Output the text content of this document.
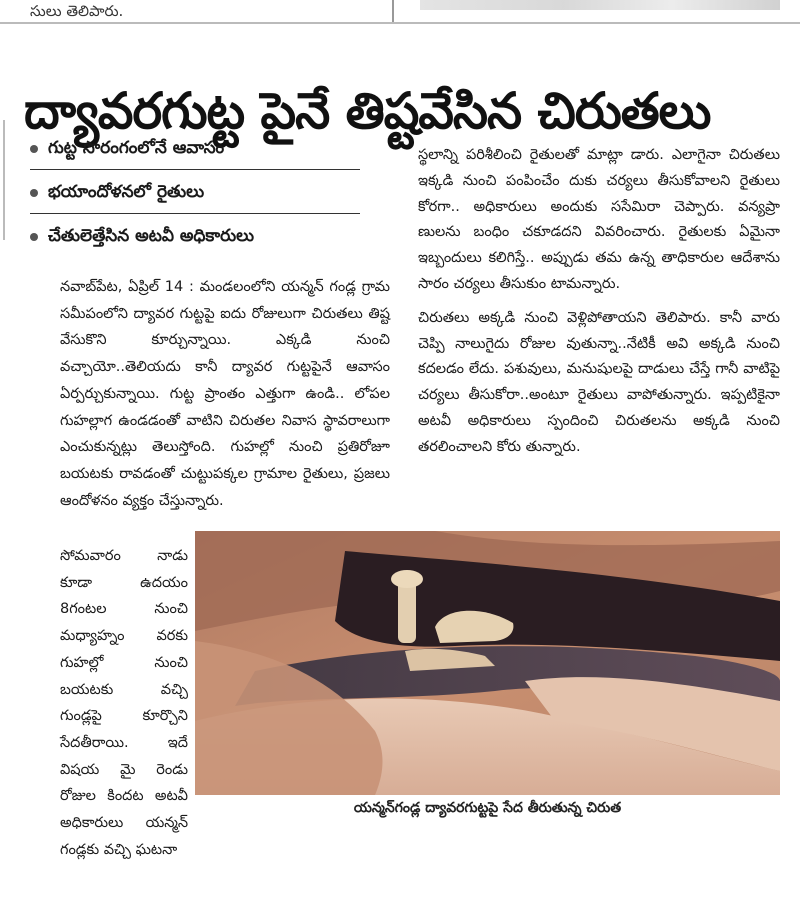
సులు తెలిపారు.
ద్యావరగుట్ట పైనే తిష్టవేసిన చిరుతలు
గుట్ట సొరంగంలోనే ఆవాసం
భయాందోళనలో రైతులు
చేతులెత్తేసిన అటవీ అధికారులు

నవాబ్‌పేట, ఏప్రిల్ 14 : మండలంలోని యన్మన్ గండ్ల గ్రామ సమీపంలోని ద్యావర గుట్టపై ఐదు రోజులుగా చిరుతలు తిష్ట వేసుకొని కూర్చున్నాయి. ఎక్కడి నుంచి వచ్చాయో..తెలియదు కానీ ద్యావర గుట్టపైనే ఆవాసం ఏర్పర్చుకున్నాయి. గుట్ట ప్రాంతం ఎత్తుగా ఉండి.. లోపల గుహల్లాగ ఉండడంతో వాటిని చిరుతల నివాస స్థావరాలుగా ఎంచుకున్నట్లు తెలుస్తోంది. గుహల్లో నుంచి ప్రతిరోజూ బయటకు రావడంతో చుట్టుపక్కల గ్రామాల రైతులు, ప్రజలు ఆందోళనం వ్యక్తం చేస్తున్నారు.

సోమవారం నాడు కూడా ఉదయం 8గంటల నుంచి మధ్యాహ్నం వరకు గుహల్లో నుంచి బయటకు వచ్చి గుండ్లపై కూర్చొని సేదతీరాయి. ఇదే విషయ మై రెండు రోజుల కిందట అటవీ అధికారులు యన్మన్ గండ్లకు వచ్చి ఘటనా

స్థలాన్ని పరిశీలించి రైతులతో మాట్లా డారు. ఎలాగైనా చిరుతలు ఇక్కడి నుంచి పంపించేం దుకు చర్యలు తీసుకోవాలని రైతులు కోరగా.. అధికారులు అందుకు ససేమిరా చెప్పారు. వన్యప్రా ణులను బంధిం చకూడదని వివరించారు. రైతులకు ఏమైనా ఇబ్బందులు కలిగిస్తే.. అప్పుడు తమ ఉన్న తాధికారుల ఆదేశాను సారం చర్యలు తీసుకుం టామన్నారు.

చిరుతలు అక్కడి నుంచి వెళ్లిపోతాయని తెలిపారు. కానీ వారు చెప్పి నాలుగైదు రోజుల వుతున్నా..నేటికీ అవి అక్కడి నుంచి కదలడం లేదు. పశువులు, మనుషులపై దాడులు చేస్తే గానీ వాటిపై చర్యలు తీసుకోరా..అంటూ రైతులు వాపోతున్నారు. ఇప్పటికైనా అటవీ అధికారులు స్పందించి చిరుతలను అక్కడి నుంచి తరలించాలని కోరు తున్నారు.

యన్మన్‌గండ్ల ద్యావరగుట్టపై సేద తీరుతున్న చిరుత
